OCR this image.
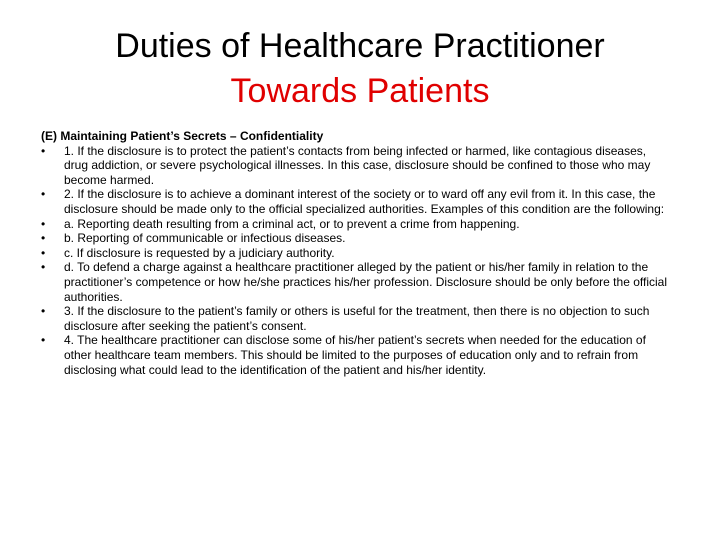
Duties of Healthcare Practitioner
Towards Patients

(E) Maintaining Patient’s Secrets – Confidentiality

•	1. If the disclosure is to protect the patient’s contacts from being infected or harmed, like contagious diseases, drug addiction, or severe psychological illnesses. In this case, disclosure should be confined to those who may become harmed.
•	2. If the disclosure is to achieve a dominant interest of the society or to ward off any evil from it. In this case, the disclosure should be made only to the official specialized authorities. Examples of this condition are the following:
•	a. Reporting death resulting from a criminal act, or to prevent a crime from happening.
•	b. Reporting of communicable or infectious diseases.
•	c. If disclosure is requested by a judiciary authority.
•	d. To defend a charge against a healthcare practitioner alleged by the patient or his/her family in relation to the practitioner’s competence or how he/she practices his/her profession. Disclosure should be only before the official authorities.
•	3. If the disclosure to the patient’s family or others is useful for the treatment, then there is no objection to such disclosure after seeking the patient’s consent.
•	4. The healthcare practitioner can disclose some of his/her patient’s secrets when needed for the education of other healthcare team members. This should be limited to the purposes of education only and to refrain from disclosing what could lead to the identification of the patient and his/her identity.
